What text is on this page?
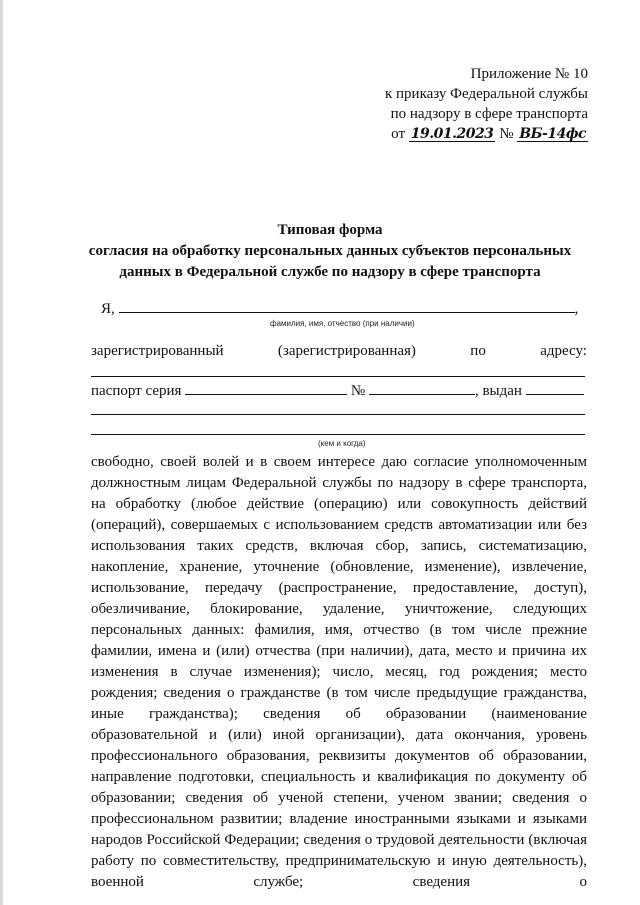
Приложение № 10
к приказу Федеральной службы
по надзору в сфере транспорта
от 19.01.2023 № ВБ-14фс
Типовая форма
согласия на обработку персональных данных субъектов персональных
данных в Федеральной службе по надзору в сфере транспорта
Я,	,
фамилия, имя, отчество (при наличии)
зарегистрированный	(зарегистрированная)	по	адресу:
паспорт серия	№	, выдан
(кем и когда)
свободно, своей волей и в своем интересе даю согласие уполномоченным должностным лицам Федеральной службы по надзору в сфере транспорта, на обработку (любое действие (операцию) или совокупность действий (операций), совершаемых с использованием средств автоматизации или без использования таких средств, включая сбор, запись, систематизацию, накопление, хранение, уточнение (обновление, изменение), извлечение, использование, передачу (распространение, предоставление, доступ), обезличивание, блокирование, удаление, уничтожение, следующих персональных данных: фамилия, имя, отчество (в том числе прежние фамилии, имена и (или) отчества (при наличии), дата, место и причина их изменения в случае изменения); число, месяц, год рождения; место рождения; сведения о гражданстве (в том числе предыдущие гражданства, иные гражданства); сведения об образовании (наименование образовательной и (или) иной организации), дата окончания, уровень профессионального образования, реквизиты документов об образовании, направление подготовки, специальность и квалификация по документу об образовании; сведения об ученой степени, ученом звании; сведения о профессиональном развитии; владение иностранными языками и языками народов Российской Федерации; сведения о трудовой деятельности (включая работу по совместительству, предпринимательскую и иную деятельность), военной службе; сведения о
